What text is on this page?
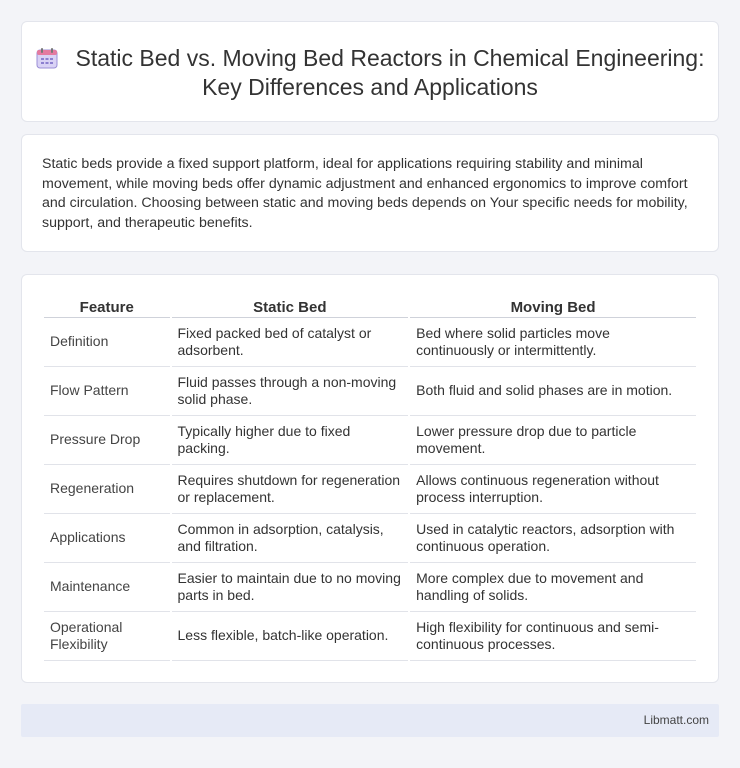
Static Bed vs. Moving Bed Reactors in Chemical Engineering: Key Differences and Applications

Static beds provide a fixed support platform, ideal for applications requiring stability and minimal movement, while moving beds offer dynamic adjustment and enhanced ergonomics to improve comfort and circulation. Choosing between static and moving beds depends on Your specific needs for mobility, support, and therapeutic benefits.

Feature	Static Bed	Moving Bed
Definition	Fixed packed bed of catalyst or adsorbent.	Bed where solid particles move continuously or intermittently.
Flow Pattern	Fluid passes through a non-moving solid phase.	Both fluid and solid phases are in motion.
Pressure Drop	Typically higher due to fixed packing.	Lower pressure drop due to particle movement.
Regeneration	Requires shutdown for regeneration or replacement.	Allows continuous regeneration without process interruption.
Applications	Common in adsorption, catalysis, and filtration.	Used in catalytic reactors, adsorption with continuous operation.
Maintenance	Easier to maintain due to no moving parts in bed.	More complex due to movement and handling of solids.
Operational Flexibility	Less flexible, batch-like operation.	High flexibility for continuous and semi-continuous processes.
Libmatt.com
